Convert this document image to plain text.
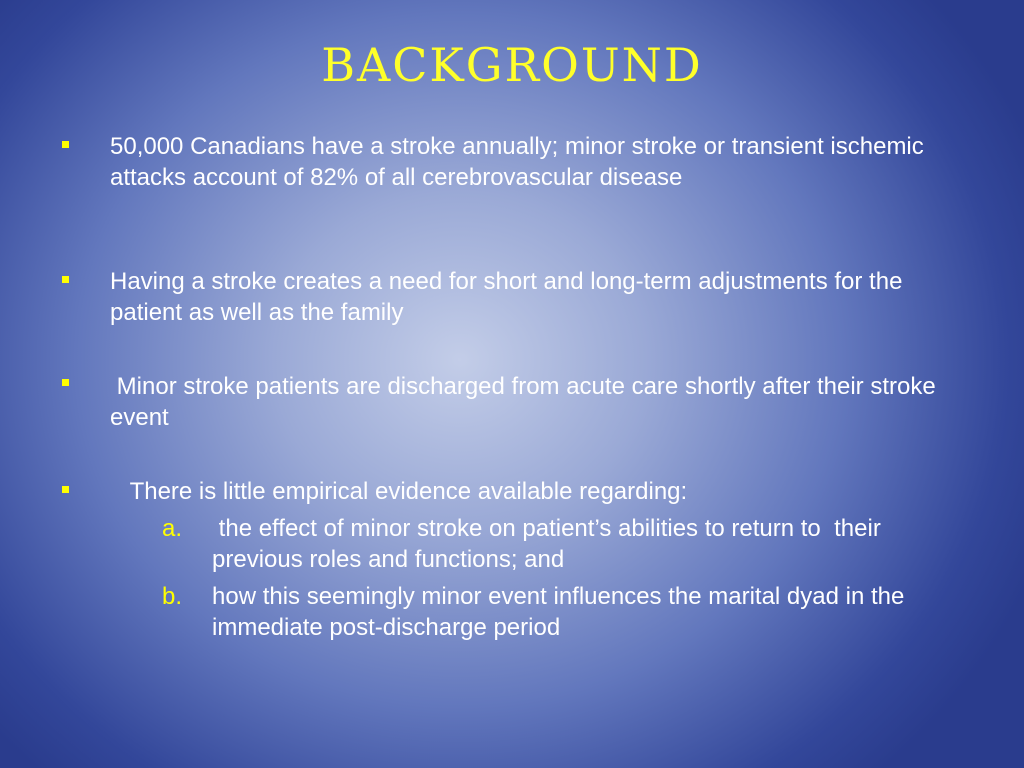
BACKGROUND
50,000 Canadians have a stroke annually; minor stroke or transient ischemic attacks account of 82% of all cerebrovascular disease
Having a stroke creates a need for short and long-term adjustments for the patient as well as the family
Minor stroke patients are discharged from acute care shortly after their stroke event
There is little empirical evidence available regarding:
a. the effect of minor stroke on patient’s abilities to return to  their previous roles and functions; and
b. how this seemingly minor event influences the marital dyad in the immediate post-discharge period
